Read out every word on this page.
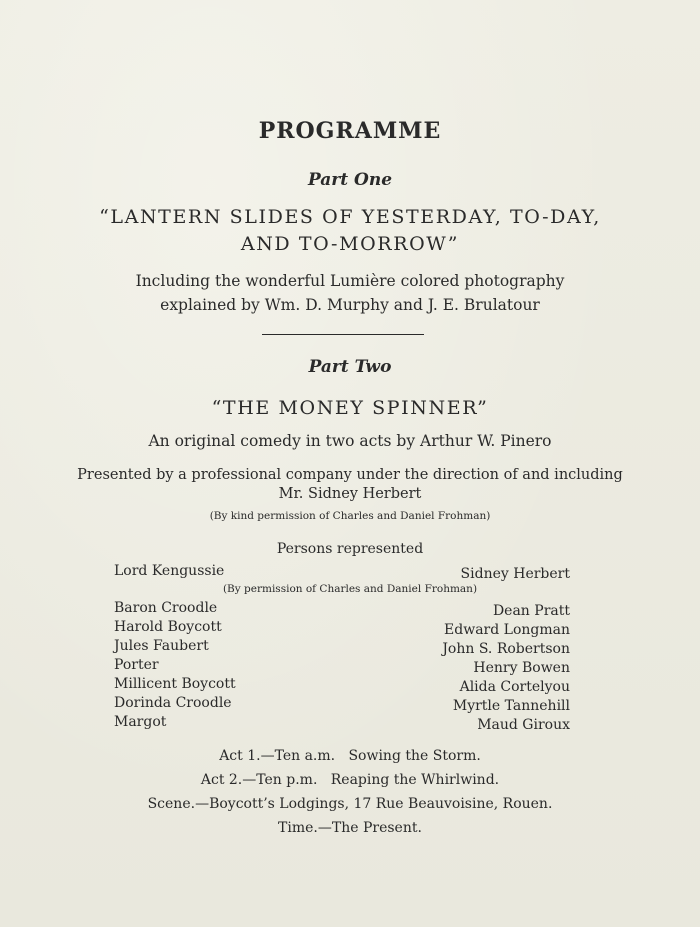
PROGRAMME
Part One
“LANTERN SLIDES OF YESTERDAY, TO-DAY,
AND TO-MORROW”
Including the wonderful Lumière colored photography
explained by Wm. D. Murphy and J. E. Brulatour
Part Two
“THE MONEY SPINNER”
An original comedy in two acts by Arthur W. Pinero
Presented by a professional company under the direction of and including
Mr. Sidney Herbert
(By kind permission of Charles and Daniel Frohman)
Persons represented
Lord Kengussie	Sidney Herbert
(By permission of Charles and Daniel Frohman)
Baron Croodle	Dean Pratt
Harold Boycott	Edward Longman
Jules Faubert	John S. Robertson
Porter	Henry Bowen
Millicent Boycott	Alida Cortelyou
Dorinda Croodle	Myrtle Tannehill
Margot	Maud Giroux
Act 1.—Ten a.m.   Sowing the Storm.
Act 2.—Ten p.m.   Reaping the Whirlwind.
Scene.—Boycott’s Lodgings, 17 Rue Beauvoisine, Rouen.
Time.—The Present.
